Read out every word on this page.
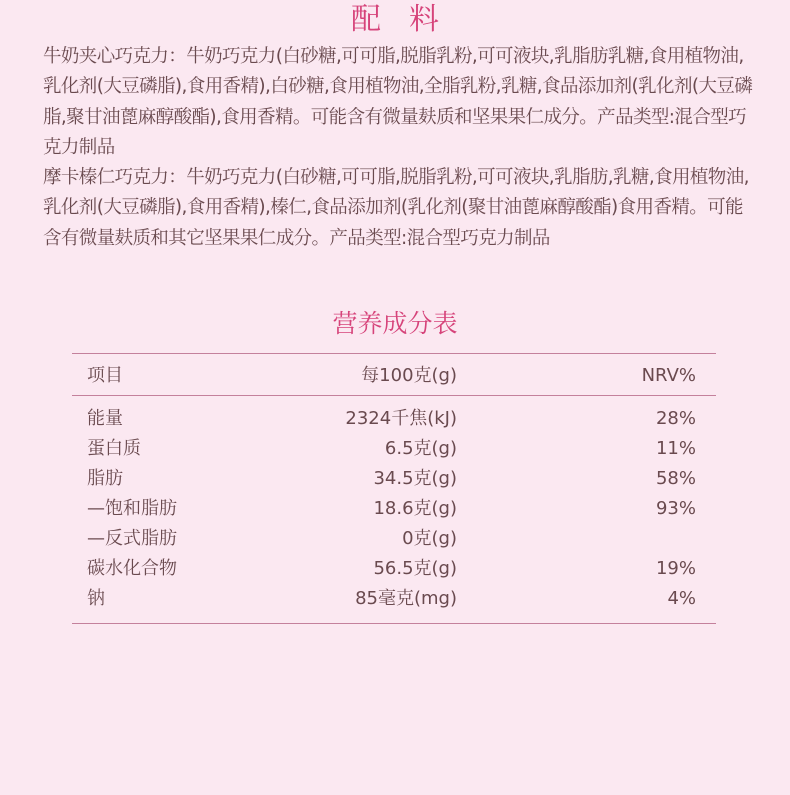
配料
牛奶夹心巧克力：牛奶巧克力(白砂糖,可可脂,脱脂乳粉,可可液块,乳脂肪乳糖,食用植物油,
乳化剂(大豆磷脂),食用香精),白砂糖,食用植物油,全脂乳粉,乳糖,食品添加剂(乳化剂(大豆磷
脂,聚甘油蓖麻醇酸酯),食用香精。可能含有微量麸质和坚果果仁成分。产品类型:混合型巧
克力制品
摩卡榛仁巧克力：牛奶巧克力(白砂糖,可可脂,脱脂乳粉,可可液块,乳脂肪,乳糖,食用植物油,
乳化剂(大豆磷脂),食用香精),榛仁,食品添加剂(乳化剂(聚甘油蓖麻醇酸酯)食用香精。可能
含有微量麸质和其它坚果果仁成分。产品类型:混合型巧克力制品
营养成分表
项目	每100克(g)	NRV%
能量	2324千焦(kJ)	28%
蛋白质	6.5克(g)	11%
脂肪	34.5克(g)	58%
—饱和脂肪	18.6克(g)	93%
—反式脂肪	0克(g)
碳水化合物	56.5克(g)	19%
钠	85毫克(mg)	4%
